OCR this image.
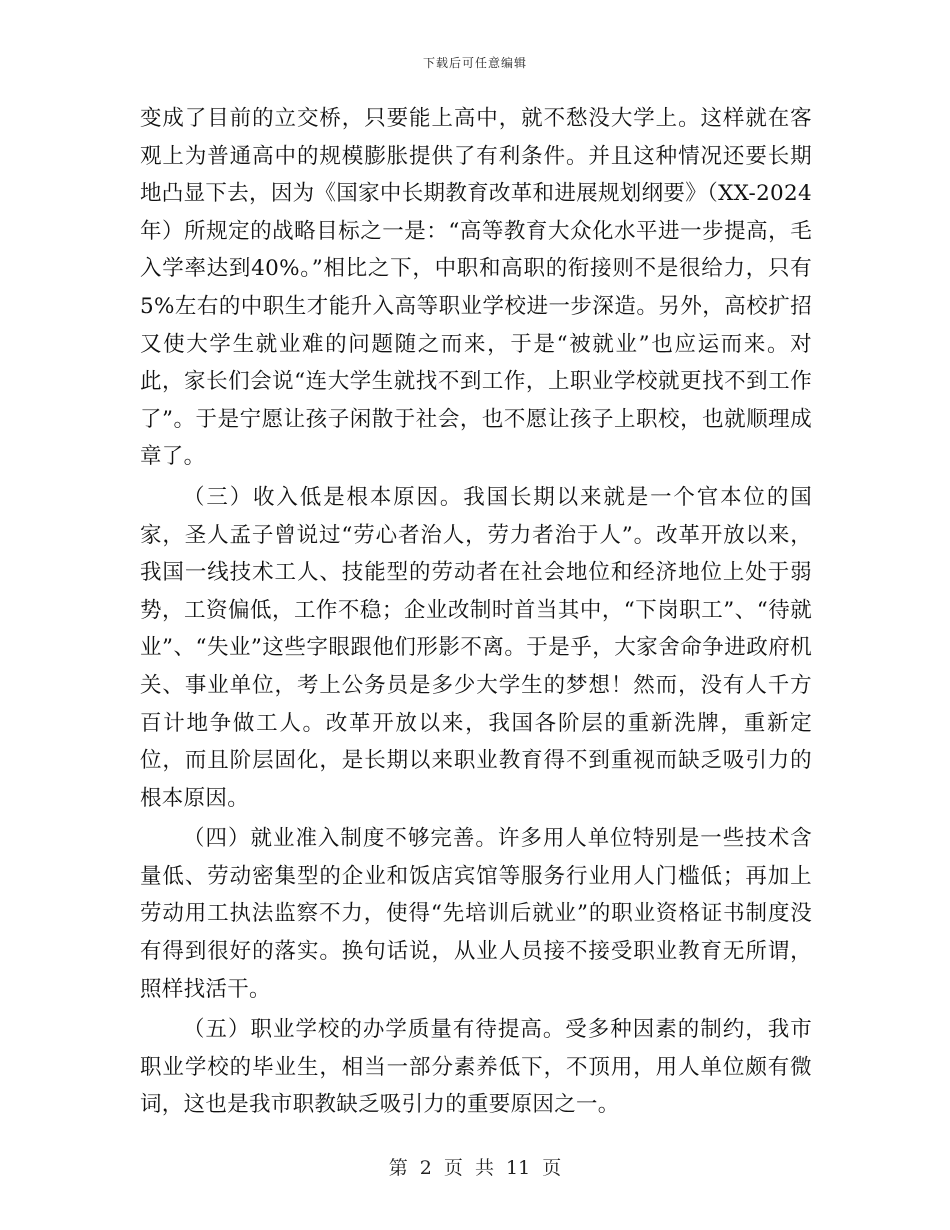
下载后可任意编辑

变成了目前的立交桥，只要能上高中，就不愁没大学上。这样就在客观上为普通高中的规模膨胀提供了有利条件。并且这种情况还要长期地凸显下去，因为《国家中长期教育改革和进展规划纲要》（XX-2024年）所规定的战略目标之一是：“高等教育大众化水平进一步提高，毛入学率达到40%。”相比之下，中职和高职的衔接则不是很给力，只有5%左右的中职生才能升入高等职业学校进一步深造。另外，高校扩招又使大学生就业难的问题随之而来，于是“被就业”也应运而来。对此，家长们会说“连大学生就找不到工作，上职业学校就更找不到工作了”。于是宁愿让孩子闲散于社会，也不愿让孩子上职校，也就顺理成章了。

（三）收入低是根本原因。我国长期以来就是一个官本位的国家，圣人孟子曾说过“劳心者治人，劳力者治于人”。改革开放以来，我国一线技术工人、技能型的劳动者在社会地位和经济地位上处于弱势，工资偏低，工作不稳；企业改制时首当其中，“下岗职工”、“待就业”、“失业”这些字眼跟他们形影不离。于是乎，大家舍命争进政府机关、事业单位，考上公务员是多少大学生的梦想！然而，没有人千方百计地争做工人。改革开放以来，我国各阶层的重新洗牌，重新定位，而且阶层固化，是长期以来职业教育得不到重视而缺乏吸引力的根本原因。

（四）就业准入制度不够完善。许多用人单位特别是一些技术含量低、劳动密集型的企业和饭店宾馆等服务行业用人门槛低；再加上劳动用工执法监察不力，使得“先培训后就业”的职业资格证书制度没有得到很好的落实。换句话说，从业人员接不接受职业教育无所谓，照样找活干。

（五）职业学校的办学质量有待提高。受多种因素的制约，我市职业学校的毕业生，相当一部分素养低下，不顶用，用人单位颇有微词，这也是我市职教缺乏吸引力的重要原因之一。

第 2 页 共 11 页
